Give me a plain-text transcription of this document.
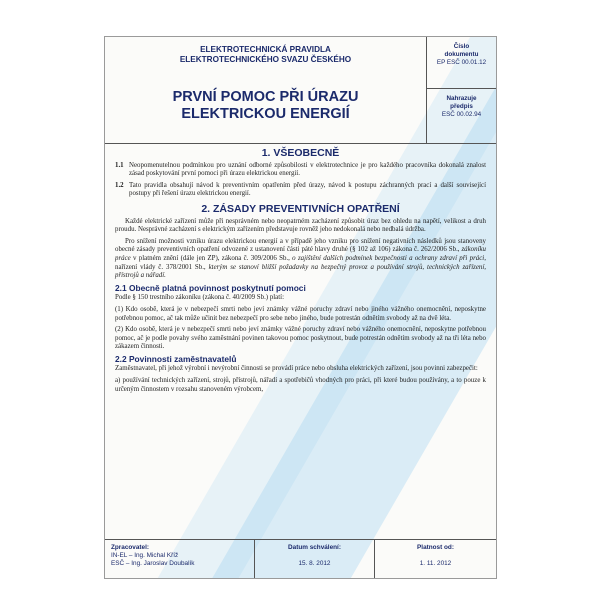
ELEKTROTECHNICKÁ PRAVIDLA
ELEKTROTECHNICKÉHO SVAZU ČESKÉHO
PRVNÍ POMOC PŘI ÚRAZU
ELEKTRICKOU ENERGIÍ
Číslo
dokumentu
EP ESČ 00.01.12
Nahrazuje
předpis
ESČ 00.02.94
1. VŠEOBECNĚ
1.1 Neopomenutelnou podmínkou pro uznání odborné způsobilosti v elektrotechnice je pro každého pracovníka dokonalá znalost zásad poskytování první pomoci při úrazu elektrickou energií.
1.2 Tato pravidla obsahují návod k preventivním opatřením před úrazy, návod k postupu záchranných prací a další související postupy při řešení úrazu elektrickou energií.
2. ZÁSADY PREVENTIVNÍCH OPATŘENÍ

Každé elektrické zařízení může při nesprávném nebo neopatrném zacházení způsobit úraz bez ohledu na napětí, velikost a druh proudu. Nesprávné zacházení s elektrickým zařízením představuje rovněž jeho nedokonalá nebo nedbalá údržba.

Pro snížení možnosti vzniku úrazu elektrickou energií a v případě jeho vzniku pro snížení negativních následků jsou stanoveny obecné zásady preventivních opatření odvozené z ustanovení části páté hlavy druhé (§ 102 až 106) zákona č. 262/2006 Sb., zákoníku práce v platném znění (dále jen ZP), zákona č. 309/2006 Sb., o zajištění dalších podmínek bezpečnosti a ochrany zdraví při práci, nařízení vlády č. 378/2001 Sb., kterým se stanoví bližší požadavky na bezpečný provoz a používání strojů, technických zařízení, přístrojů a nářadí.

2.1 Obecně platná povinnost poskytnutí pomoci

Podle § 150 trestního zákoníku (zákona č. 40/2009 Sb.) platí:

(1) Kdo osobě, která je v nebezpečí smrti nebo jeví známky vážné poruchy zdraví nebo jiného vážného onemocnění, neposkytne potřebnou pomoc, ač tak může učinit bez nebezpečí pro sebe nebo jiného, bude potrestán odnětím svobody až na dvě léta.

(2) Kdo osobě, která je v nebezpečí smrti nebo jeví známky vážné poruchy zdraví nebo vážného onemocnění, neposkytne potřebnou pomoc, ač je podle povahy svého zaměstnání povinen takovou pomoc poskytnout, bude potrestán odnětím svobody až na tři léta nebo zákazem činnosti.

2.2 Povinnosti zaměstnavatelů

Zaměstnavatel, při jehož výrobní i nevýrobní činnosti se provádí práce nebo obsluha elektrických zařízení, jsou povinni zabezpečit:

a) používání technických zařízení, strojů, přístrojů, nářadí a spotřebičů vhodných pro práci, při které budou používány, a to pouze k určeným činnostem v rozsahu stanoveném výrobcem,

Zpracovatel:
IN-EL – Ing. Michal Kříž
ESČ – Ing. Jaroslav Doubalík
Datum schválení:
15. 8. 2012
Platnost od:
1. 11. 2012
